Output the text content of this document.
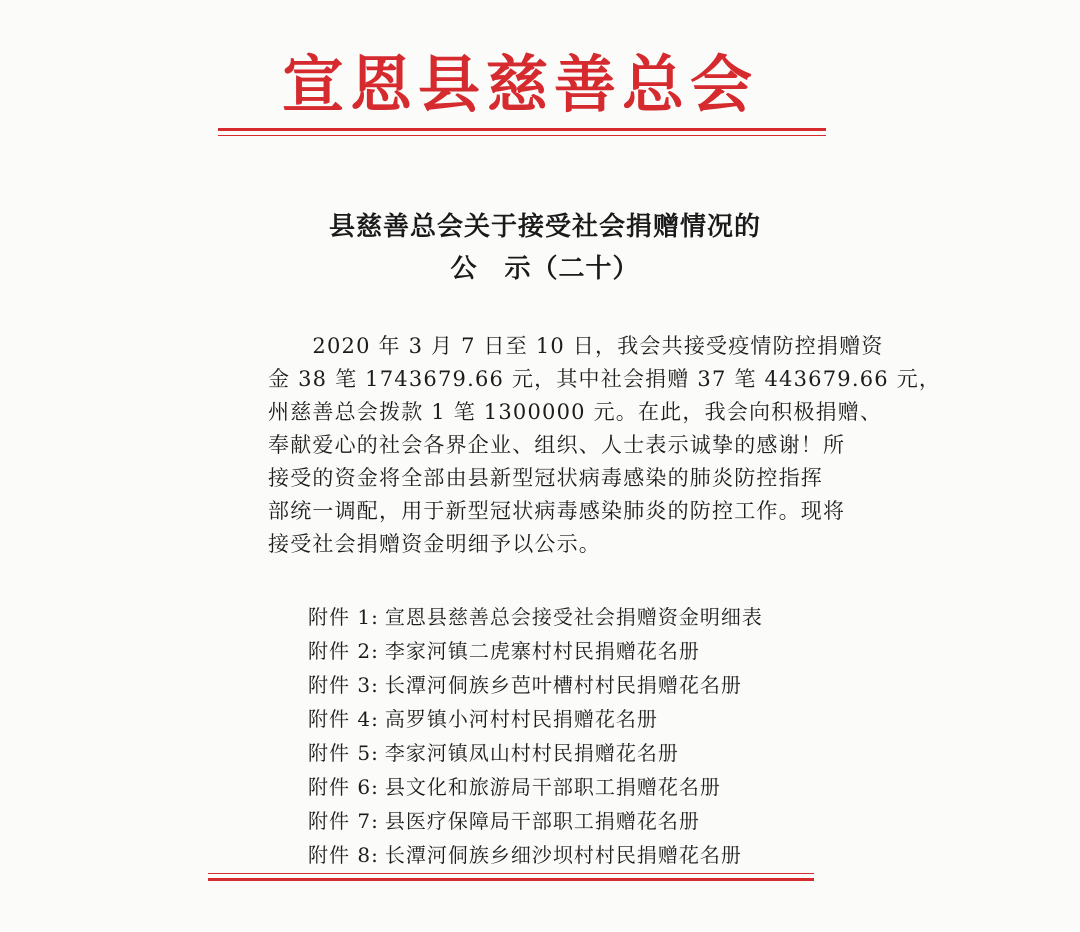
宣恩县慈善总会
县慈善总会关于接受社会捐赠情况的
公　示（二十）
　　2020 年 3 月 7 日至 10 日，我会共接受疫情防控捐赠资
金 38 笔 1743679.66 元，其中社会捐赠 37 笔 443679.66 元，
州慈善总会拨款 1 笔 1300000 元。在此，我会向积极捐赠、
奉献爱心的社会各界企业、组织、人士表示诚挚的感谢！所
接受的资金将全部由县新型冠状病毒感染的肺炎防控指挥
部统一调配，用于新型冠状病毒感染肺炎的防控工作。现将
接受社会捐赠资金明细予以公示。
附件 1: 宣恩县慈善总会接受社会捐赠资金明细表
附件 2: 李家河镇二虎寨村村民捐赠花名册
附件 3: 长潭河侗族乡芭叶槽村村民捐赠花名册
附件 4: 高罗镇小河村村民捐赠花名册
附件 5: 李家河镇凤山村村民捐赠花名册
附件 6: 县文化和旅游局干部职工捐赠花名册
附件 7: 县医疗保障局干部职工捐赠花名册
附件 8: 长潭河侗族乡细沙坝村村民捐赠花名册
